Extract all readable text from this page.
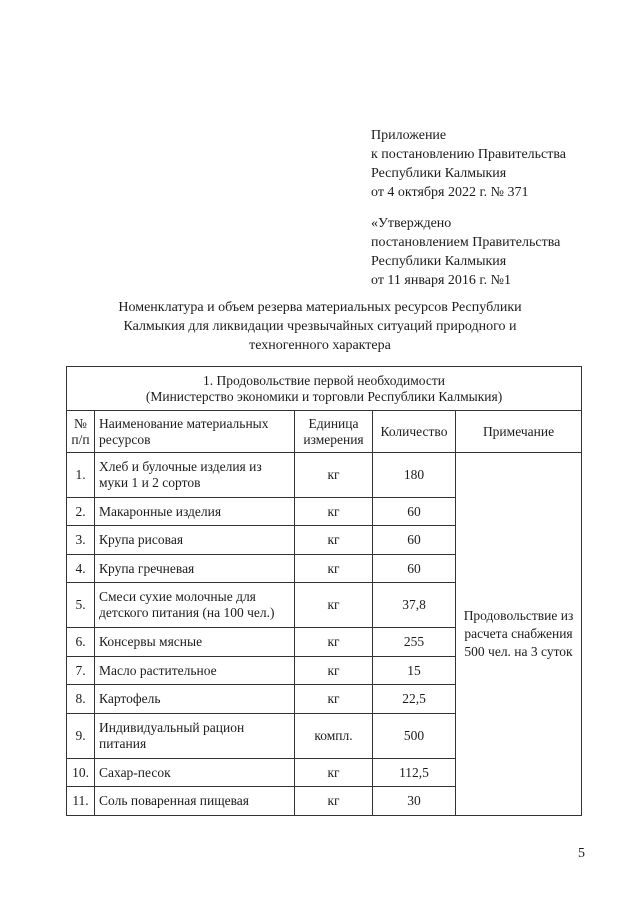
Приложение
к постановлению Правительства
Республики Калмыкия
от 4 октября 2022 г. № 371
«Утверждено
постановлением Правительства
Республики Калмыкия
от 11 января 2016 г. №1
Номенклатура и объем резерва материальных ресурсов Республики
Калмыкия для ликвидации чрезвычайных ситуаций природного и
техногенного характера
1. Продовольствие первой необходимости
(Министерство экономики и торговли Республики Калмыкия)				

№ п/п	Наименование материальных ресурсов	Единица измерения	Количество	Примечание
1.	Хлеб и булочные изделия из муки 1 и 2 сортов	кг	180	Продовольствие из расчета снабжения 500 чел. на 3 суток

2.	Макаронные изделия	кг	60	
3.	Крупа рисовая	кг	60	
4.	Крупа гречневая	кг	60	
5.	Смеси сухие молочные для детского питания (на 100 чел.)	кг	37,8	
6.	Консервы мясные	кг	255	
7.	Масло растительное	кг	15	
8.	Картофель	кг	22,5	
9.	Индивидуальный рацион питания	компл.	500	
10.	Сахар-песок	кг	112,5	
11.	Соль поваренная пищевая	кг	30	
5
